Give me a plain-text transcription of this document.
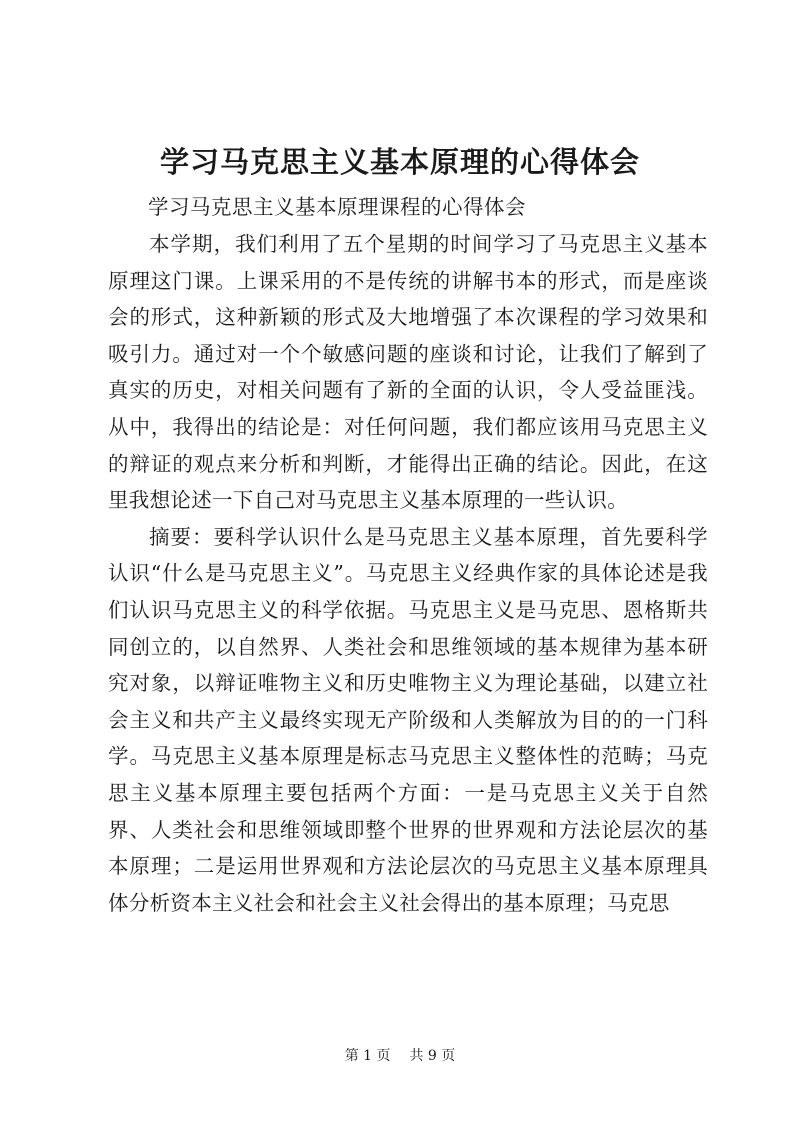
学习马克思主义基本原理的心得体会

学习马克思主义基本原理课程的心得体会

本学期，我们利用了五个星期的时间学习了马克思主义基本原理这门课。上课采用的不是传统的讲解书本的形式，而是座谈会的形式，这种新颖的形式及大地增强了本次课程的学习效果和吸引力。通过对一个个敏感问题的座谈和讨论，让我们了解到了真实的历史，对相关问题有了新的全面的认识，令人受益匪浅。从中，我得出的结论是：对任何问题，我们都应该用马克思主义的辩证的观点来分析和判断，才能得出正确的结论。因此，在这里我想论述一下自己对马克思主义基本原理的一些认识。

摘要：要科学认识什么是马克思主义基本原理，首先要科学认识“什么是马克思主义”。马克思主义经典作家的具体论述是我们认识马克思主义的科学依据。马克思主义是马克思、恩格斯共同创立的，以自然界、人类社会和思维领域的基本规律为基本研究对象，以辩证唯物主义和历史唯物主义为理论基础，以建立社会主义和共产主义最终实现无产阶级和人类解放为目的的一门科学。马克思主义基本原理是标志马克思主义整体性的范畴；马克思主义基本原理主要包括两个方面：一是马克思主义关于自然界、人类社会和思维领域即整个世界的世界观和方法论层次的基本原理；二是运用世界观和方法论层次的马克思主义基本原理具体分析资本主义社会和社会主义社会得出的基本原理；马克思

第 1 页 共 9 页
